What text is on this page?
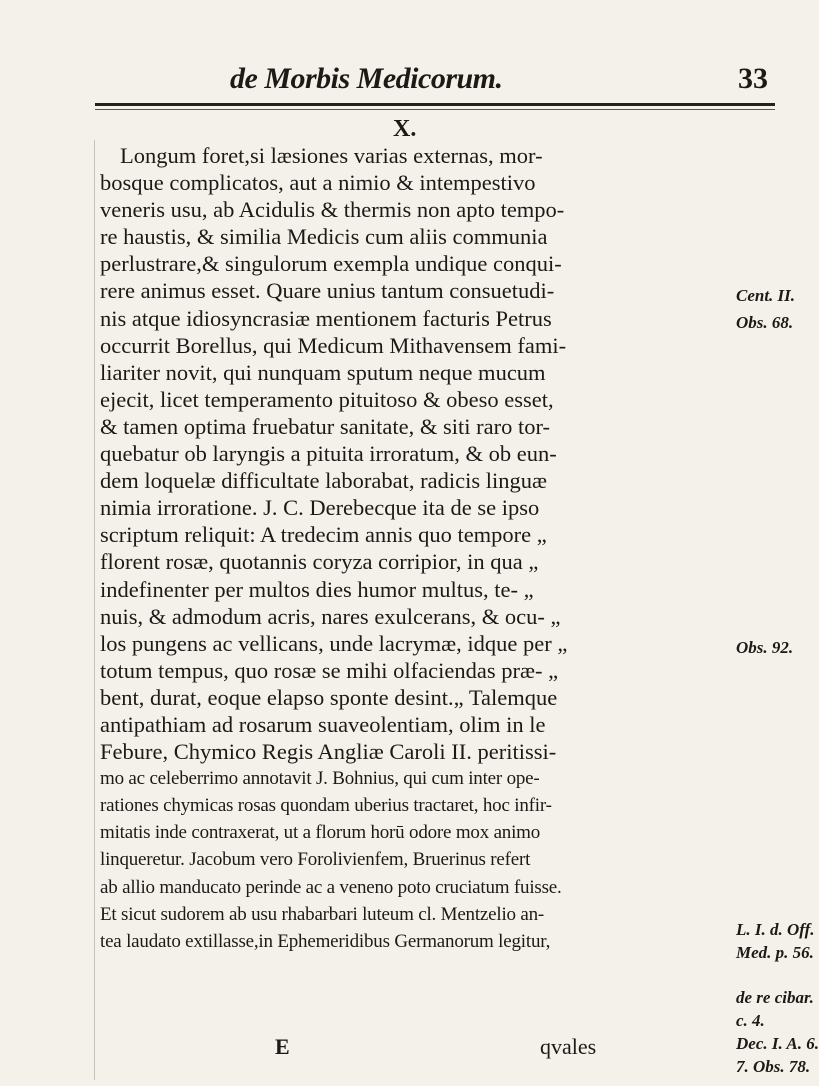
de Morbis Medicorum.	33
X.
Longum foret,si læsiones varias externas, mor-
bosque complicatos, aut a nimio & intempestivo
veneris usu, ab Acidulis & thermis non apto tempo-
re haustis, & similia Medicis cum aliis communia
perlustrare,& singulorum exempla undique conqui-
rere animus esset. Quare unius tantum consuetudi-
nis atque idiosyncrasiæ mentionem facturis Petrus
occurrit Borellus, qui Medicum Mithavensem fami-
liariter novit, qui nunquam sputum neque mucum
ejecit, licet temperamento pituitoso & obeso esset,
& tamen optima fruebatur sanitate, & siti raro tor-
quebatur ob laryngis a pituita irroratum, & ob eun-
dem loquelæ difficultate laborabat, radicis linguæ
nimia irroratione. J. C. Derebecque ita de se ipso
scriptum reliquit: A tredecim annis quo tempore „
florent rosæ, quotannis coryza corripior, in qua „
indefinenter per multos dies humor multus, te- „
nuis, & admodum acris, nares exulcerans, & ocu- „
los pungens ac vellicans, unde lacrymæ, idque per „
totum tempus, quo rosæ se mihi olfaciendas præ- „
bent, durat, eoque elapso sponte desint.„ Talemque
antipathiam ad rosarum suaveolentiam, olim in le
Febure, Chymico Regis Angliæ Caroli II. peritissi-
mo ac celeberrimo annotavit J. Bohnius, qui cum inter ope-
rationes chymicas rosas quondam uberius tractaret, hoc infir-
mitatis inde contraxerat, ut a florum horū odore mox animo
linqueretur. Jacobum vero Forolivienfem, Bruerinus refert
ab allio manducato perinde ac a veneno poto cruciatum fuisse.
Et sicut sudorem ab usu rhabarbari luteum cl. Mentzelio an-
tea laudato extillasse,in Ephemeridibus Germanorum legitur,
Cent. II.
Obs. 68.
Obs. 92.
L. I. d. Off.
Med. p. 56.
de re cibar.
c. 4.
Dec. I. A. 6.
7. Obs. 78.
E	qvales
